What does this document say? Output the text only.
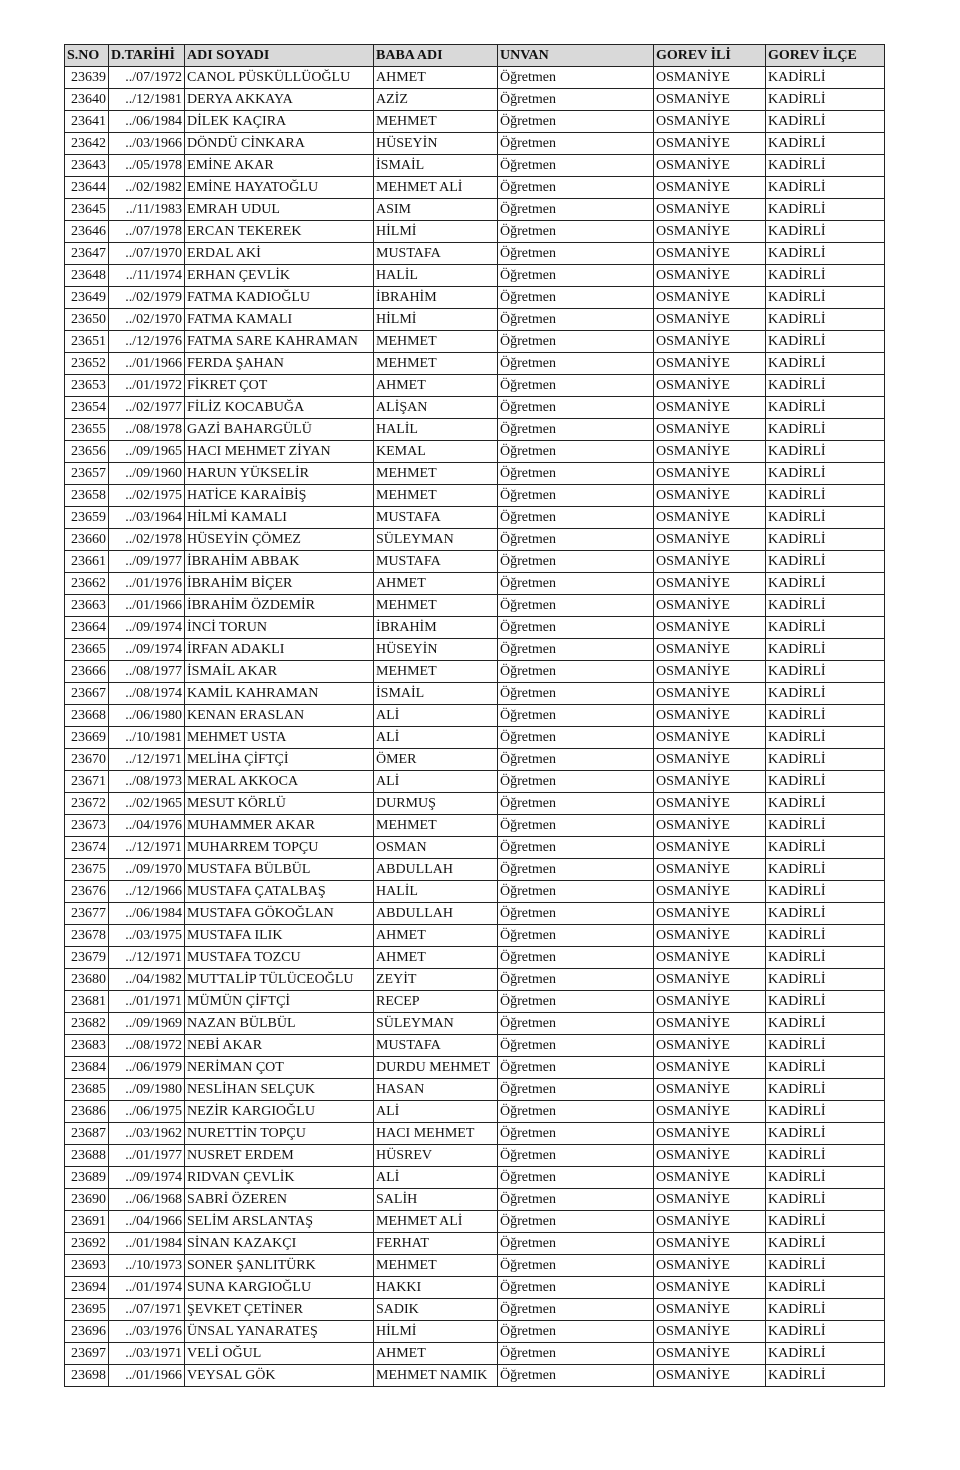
S.NO	D.TARİHİ	ADI SOYADI	BABA ADI	UNVAN	GOREV İLİ	GOREV İLÇE
23639	../07/1972	CANOL PÜSKÜLLÜOĞLU	AHMET	Öğretmen	OSMANİYE	KADİRLİ
23640	../12/1981	DERYA AKKAYA	AZİZ	Öğretmen	OSMANİYE	KADİRLİ
23641	../06/1984	DİLEK KAÇIRA	MEHMET	Öğretmen	OSMANİYE	KADİRLİ
23642	../03/1966	DÖNDÜ CİNKARA	HÜSEYİN	Öğretmen	OSMANİYE	KADİRLİ
23643	../05/1978	EMİNE AKAR	İSMAİL	Öğretmen	OSMANİYE	KADİRLİ
23644	../02/1982	EMİNE HAYATOĞLU	MEHMET ALİ	Öğretmen	OSMANİYE	KADİRLİ
23645	../11/1983	EMRAH UDUL	ASIM	Öğretmen	OSMANİYE	KADİRLİ
23646	../07/1978	ERCAN TEKEREK	HİLMİ	Öğretmen	OSMANİYE	KADİRLİ
23647	../07/1970	ERDAL AKİ	MUSTAFA	Öğretmen	OSMANİYE	KADİRLİ
23648	../11/1974	ERHAN ÇEVLİK	HALİL	Öğretmen	OSMANİYE	KADİRLİ
23649	../02/1979	FATMA KADIOĞLU	İBRAHİM	Öğretmen	OSMANİYE	KADİRLİ
23650	../02/1970	FATMA KAMALI	HİLMİ	Öğretmen	OSMANİYE	KADİRLİ
23651	../12/1976	FATMA SARE KAHRAMAN	MEHMET	Öğretmen	OSMANİYE	KADİRLİ
23652	../01/1966	FERDA ŞAHAN	MEHMET	Öğretmen	OSMANİYE	KADİRLİ
23653	../01/1972	FİKRET ÇOT	AHMET	Öğretmen	OSMANİYE	KADİRLİ
23654	../02/1977	FİLİZ KOCABUĞA	ALİŞAN	Öğretmen	OSMANİYE	KADİRLİ
23655	../08/1978	GAZİ BAHARGÜLÜ	HALİL	Öğretmen	OSMANİYE	KADİRLİ
23656	../09/1965	HACI MEHMET ZİYAN	KEMAL	Öğretmen	OSMANİYE	KADİRLİ
23657	../09/1960	HARUN YÜKSELİR	MEHMET	Öğretmen	OSMANİYE	KADİRLİ
23658	../02/1975	HATİCE KARAİBİŞ	MEHMET	Öğretmen	OSMANİYE	KADİRLİ
23659	../03/1964	HİLMİ KAMALI	MUSTAFA	Öğretmen	OSMANİYE	KADİRLİ
23660	../02/1978	HÜSEYİN ÇÖMEZ	SÜLEYMAN	Öğretmen	OSMANİYE	KADİRLİ
23661	../09/1977	İBRAHİM ABBAK	MUSTAFA	Öğretmen	OSMANİYE	KADİRLİ
23662	../01/1976	İBRAHİM BİÇER	AHMET	Öğretmen	OSMANİYE	KADİRLİ
23663	../01/1966	İBRAHİM ÖZDEMİR	MEHMET	Öğretmen	OSMANİYE	KADİRLİ
23664	../09/1974	İNCİ TORUN	İBRAHİM	Öğretmen	OSMANİYE	KADİRLİ
23665	../09/1974	İRFAN ADAKLI	HÜSEYİN	Öğretmen	OSMANİYE	KADİRLİ
23666	../08/1977	İSMAİL AKAR	MEHMET	Öğretmen	OSMANİYE	KADİRLİ
23667	../08/1974	KAMİL KAHRAMAN	İSMAİL	Öğretmen	OSMANİYE	KADİRLİ
23668	../06/1980	KENAN ERASLAN	ALİ	Öğretmen	OSMANİYE	KADİRLİ
23669	../10/1981	MEHMET USTA	ALİ	Öğretmen	OSMANİYE	KADİRLİ
23670	../12/1971	MELİHA ÇİFTÇİ	ÖMER	Öğretmen	OSMANİYE	KADİRLİ
23671	../08/1973	MERAL AKKOCA	ALİ	Öğretmen	OSMANİYE	KADİRLİ
23672	../02/1965	MESUT KÖRLÜ	DURMUŞ	Öğretmen	OSMANİYE	KADİRLİ
23673	../04/1976	MUHAMMER AKAR	MEHMET	Öğretmen	OSMANİYE	KADİRLİ
23674	../12/1971	MUHARREM TOPÇU	OSMAN	Öğretmen	OSMANİYE	KADİRLİ
23675	../09/1970	MUSTAFA BÜLBÜL	ABDULLAH	Öğretmen	OSMANİYE	KADİRLİ
23676	../12/1966	MUSTAFA ÇATALBAŞ	HALİL	Öğretmen	OSMANİYE	KADİRLİ
23677	../06/1984	MUSTAFA GÖKOĞLAN	ABDULLAH	Öğretmen	OSMANİYE	KADİRLİ
23678	../03/1975	MUSTAFA ILIK	AHMET	Öğretmen	OSMANİYE	KADİRLİ
23679	../12/1971	MUSTAFA TOZCU	AHMET	Öğretmen	OSMANİYE	KADİRLİ
23680	../04/1982	MUTTALİP TÜLÜCEOĞLU	ZEYİT	Öğretmen	OSMANİYE	KADİRLİ
23681	../01/1971	MÜMÜN ÇİFTÇİ	RECEP	Öğretmen	OSMANİYE	KADİRLİ
23682	../09/1969	NAZAN BÜLBÜL	SÜLEYMAN	Öğretmen	OSMANİYE	KADİRLİ
23683	../08/1972	NEBİ AKAR	MUSTAFA	Öğretmen	OSMANİYE	KADİRLİ
23684	../06/1979	NERİMAN ÇOT	DURDU MEHMET	Öğretmen	OSMANİYE	KADİRLİ
23685	../09/1980	NESLİHAN SELÇUK	HASAN	Öğretmen	OSMANİYE	KADİRLİ
23686	../06/1975	NEZİR KARGIOĞLU	ALİ	Öğretmen	OSMANİYE	KADİRLİ
23687	../03/1962	NURETTİN TOPÇU	HACI MEHMET	Öğretmen	OSMANİYE	KADİRLİ
23688	../01/1977	NUSRET ERDEM	HÜSREV	Öğretmen	OSMANİYE	KADİRLİ
23689	../09/1974	RIDVAN ÇEVLİK	ALİ	Öğretmen	OSMANİYE	KADİRLİ
23690	../06/1968	SABRİ ÖZEREN	SALİH	Öğretmen	OSMANİYE	KADİRLİ
23691	../04/1966	SELİM ARSLANTAŞ	MEHMET ALİ	Öğretmen	OSMANİYE	KADİRLİ
23692	../01/1984	SİNAN KAZAKÇI	FERHAT	Öğretmen	OSMANİYE	KADİRLİ
23693	../10/1973	SONER ŞANLITÜRK	MEHMET	Öğretmen	OSMANİYE	KADİRLİ
23694	../01/1974	SUNA KARGIOĞLU	HAKKI	Öğretmen	OSMANİYE	KADİRLİ
23695	../07/1971	ŞEVKET ÇETİNER	SADIK	Öğretmen	OSMANİYE	KADİRLİ
23696	../03/1976	ÜNSAL YANARATEŞ	HİLMİ	Öğretmen	OSMANİYE	KADİRLİ
23697	../03/1971	VELİ OĞUL	AHMET	Öğretmen	OSMANİYE	KADİRLİ
23698	../01/1966	VEYSAL GÖK	MEHMET NAMIK	Öğretmen	OSMANİYE	KADİRLİ
